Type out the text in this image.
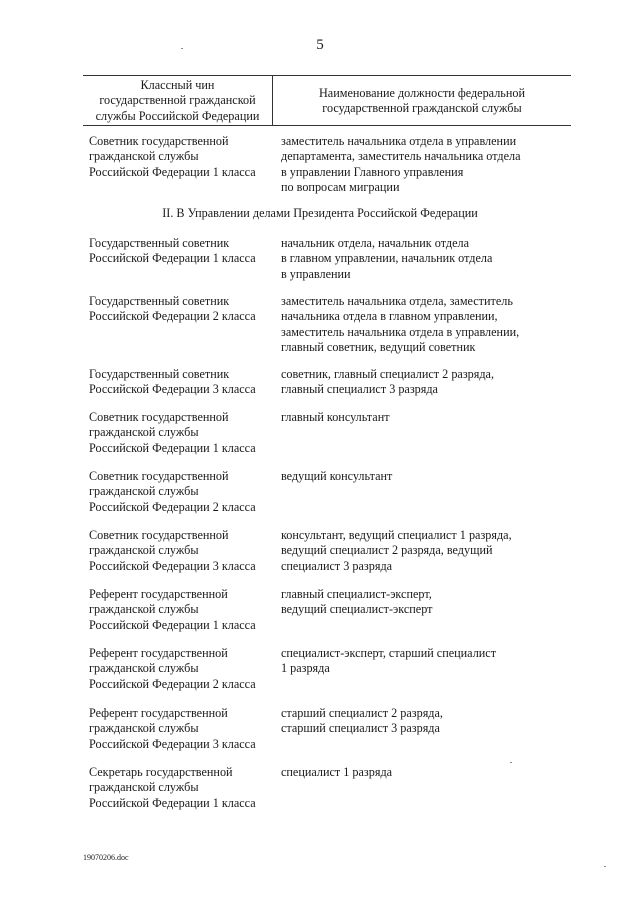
5
Классный чин
государственной гражданской
службы Российской Федерации
Наименование должности федеральной
государственной гражданской службы
Советник государственной
гражданской службы
Российской Федерации 1 класса
заместитель начальника отдела в управлении
департамента, заместитель начальника отдела
в управлении Главного управления
по вопросам миграции
II. В Управлении делами Президента Российской Федерации
Государственный советник
Российской Федерации 1 класса
начальник отдела, начальник отдела
в главном управлении, начальник отдела
в управлении
Государственный советник
Российской Федерации 2 класса
заместитель начальника отдела, заместитель
начальника отдела в главном управлении,
заместитель начальника отдела в управлении,
главный советник, ведущий советник
Государственный советник
Российской Федерации 3 класса
советник, главный специалист 2 разряда,
главный специалист 3 разряда
Советник государственной
гражданской службы
Российской Федерации 1 класса
главный консультант
Советник государственной
гражданской службы
Российской Федерации 2 класса
ведущий консультант
Советник государственной
гражданской службы
Российской Федерации 3 класса
консультант, ведущий специалист 1 разряда,
ведущий специалист 2 разряда, ведущий
специалист 3 разряда
Референт государственной
гражданской службы
Российской Федерации 1 класса
главный специалист-эксперт,
ведущий специалист-эксперт
Референт государственной
гражданской службы
Российской Федерации 2 класса
специалист-эксперт, старший специалист
1 разряда
Референт государственной
гражданской службы
Российской Федерации 3 класса
старший специалист 2 разряда,
старший специалист 3 разряда
Секретарь государственной
гражданской службы
Российской Федерации 1 класса
специалист 1 разряда
19070206.doc
